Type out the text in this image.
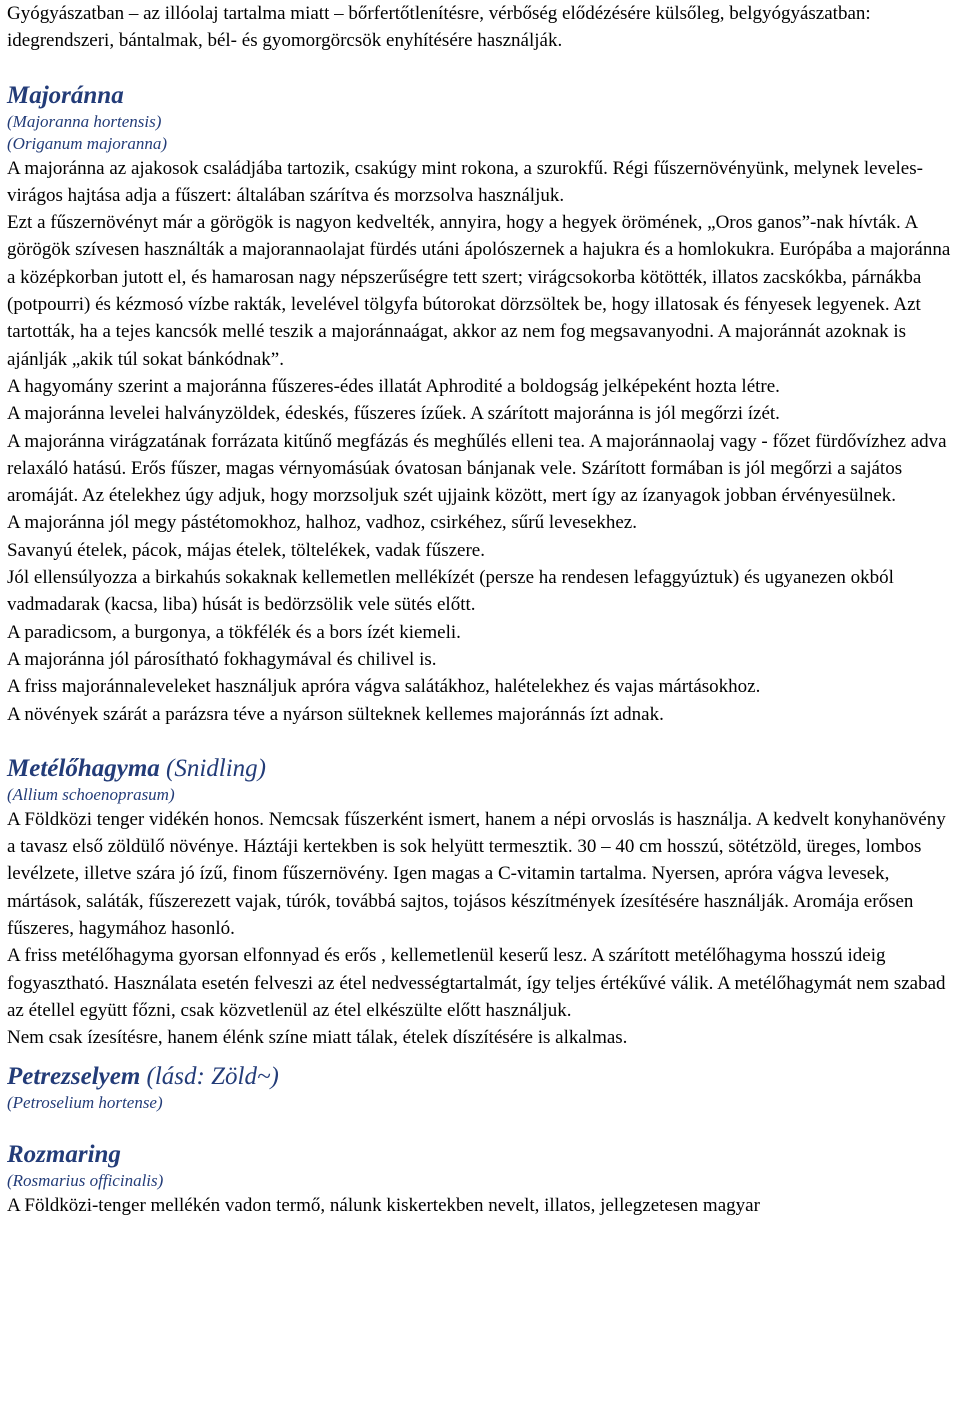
Gyógyászatban – az illóolaj tartalma miatt – bőrfertőtlenítésre, vérbőség elődézésére külsőleg, belgyógyászatban: idegrendszeri, bántalmak, bél- és gyomorgörcsök enyhítésére használják.

Majoránna

(Majoranna hortensis)

(Origanum majoranna)

A majoránna az ajakosok családjába tartozik, csakúgy mint rokona, a szurokfű. Régi fűszernövényünk, melynek leveles-virágos hajtása adja a fűszert: általában szárítva és morzsolva használjuk.

Ezt a fűszernövényt már a görögök is nagyon kedvelték, annyira, hogy a hegyek örömének, „Oros ganos”-nak hívták. A görögök szívesen használták a majorannaolajat fürdés utáni ápolószernek a hajukra és a homlokukra. Európába a majoránna a középkorban jutott el, és hamarosan nagy népszerűségre tett szert; virágcsokorba kötötték, illatos zacskókba, párnákba (potpourri) és kézmosó vízbe rakták, levelével tölgyfa bútorokat dörzsöltek be, hogy illatosak és fényesek legyenek. Azt tartották, ha a tejes kancsók mellé teszik a majoránnaágat, akkor az nem fog megsavanyodni. A majoránnát azoknak is ajánlják „akik túl sokat bánkódnak”.

A hagyomány szerint a majoránna fűszeres-édes illatát Aphrodité a boldogság jelképeként hozta létre.

A majoránna levelei halványzöldek, édeskés, fűszeres ízűek. A szárított majoránna is jól megőrzi ízét.

A majoránna virágzatának forrázata kitűnő megfázás és meghűlés elleni tea. A majoránnaolaj vagy - főzet fürdővízhez adva relaxáló hatású. Erős fűszer, magas vérnyomásúak óvatosan bánjanak vele. Szárított formában is jól megőrzi a sajátos aromáját. Az ételekhez úgy adjuk, hogy morzsoljuk szét ujjaink között, mert így az ízanyagok jobban érvényesülnek.

A majoránna jól megy pástétomokhoz, halhoz, vadhoz, csirkéhez, sűrű levesekhez.

Savanyú ételek, pácok, májas ételek, töltelékek, vadak fűszere.

Jól ellensúlyozza a birkahús sokaknak kellemetlen mellékízét (persze ha rendesen lefaggyúztuk) és ugyanezen okból vadmadarak (kacsa, liba) húsát is bedörzsölik vele sütés előtt.

A paradicsom, a burgonya, a tökfélék és a bors ízét kiemeli.

A majoránna jól párosítható fokhagymával és chilivel is.

A friss majoránnaleveleket használjuk apróra vágva salátákhoz, halételekhez és vajas mártásokhoz.

A növények szárát a parázsra téve a nyárson sülteknek kellemes majoránnás ízt adnak.

Metélőhagyma (Snidling)

(Allium schoenoprasum)

A Földközi tenger vidékén honos. Nemcsak fűszerként ismert, hanem a népi orvoslás is használja. A kedvelt konyhanövény a tavasz első zöldülő növénye. Háztáji kertekben is sok helyütt termesztik. 30 – 40 cm hosszú, sötétzöld, üreges, lombos levélzete, illetve szára jó ízű, finom fűszernövény. Igen magas a C-vitamin tartalma. Nyersen, apróra vágva levesek, mártások, saláták, fűszerezett vajak, túrók, továbbá sajtos, tojásos készítmények ízesítésére használják. Aromája erősen fűszeres, hagymához hasonló.

A friss metélőhagyma gyorsan elfonnyad és erős , kellemetlenül keserű lesz. A szárított metélőhagyma hosszú ideig fogyasztható. Használata esetén felveszi az étel nedvességtartalmát, így teljes értékűvé válik. A metélőhagymát nem szabad az étellel együtt főzni, csak közvetlenül az étel elkészülte előtt használjuk.

Nem csak ízesítésre, hanem élénk színe miatt tálak, ételek díszítésére is alkalmas.

Petrezselyem (lásd: Zöld~)

(Petroselium hortense)

Rozmaring

(Rosmarius officinalis)

A Földközi-tenger mellékén vadon termő, nálunk kiskertekben nevelt, illatos, jellegzetesen magyar
